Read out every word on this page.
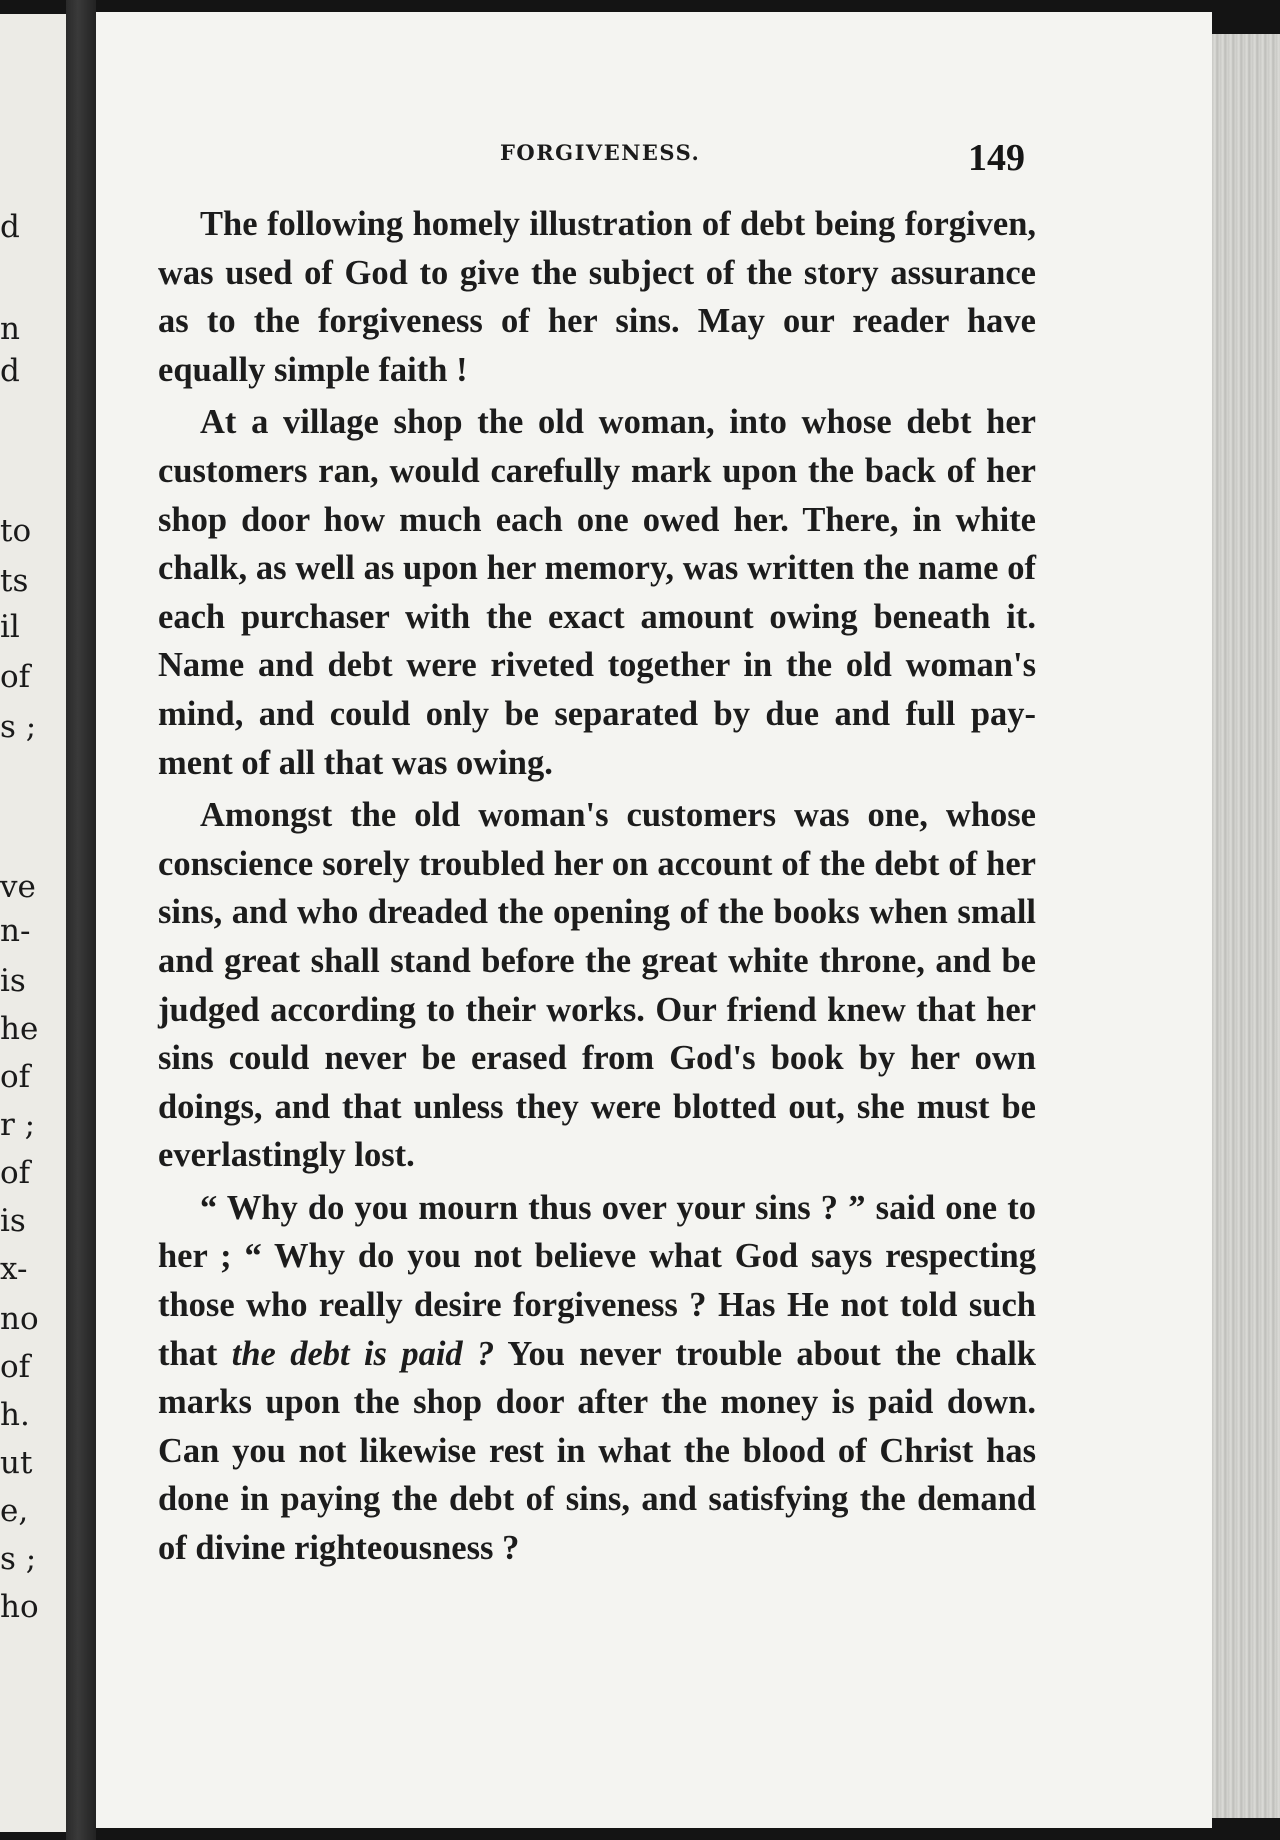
d

n

d

to

ts

il

of

s ;

ve

n-

is

he

of

r ;

of

is

x-

no

of

h.

ut

e,

s ;

ho

FORGIVENESS.	149

The following homely illustration of debt being forgiven, was used of God to give the subject of the story assurance as to the forgiveness of her sins. May our reader have equally simple faith !

At a village shop the old woman, into whose debt her customers ran, would carefully mark upon the back of her shop door how much each one owed her. There, in white chalk, as well as upon her memory, was written the name of each purchaser with the exact amount owing beneath it. Name and debt were riveted together in the old woman's mind, and could only be separated by due and full pay-ment of all that was owing.

Amongst the old woman's customers was one, whose conscience sorely troubled her on account of the debt of her sins, and who dreaded the opening of the books when small and great shall stand before the great white throne, and be judged according to their works. Our friend knew that her sins could never be erased from God's book by her own doings, and that unless they were blotted out, she must be everlastingly lost.

“ Why do you mourn thus over your sins ? ” said one to her ; “ Why do you not believe what God says respecting those who really desire forgiveness ? Has He not told such that the debt is paid ? You never trouble about the chalk marks upon the shop door after the money is paid down. Can you not likewise rest in what the blood of Christ has done in paying the debt of sins, and satisfying the demand of divine righteousness ?
